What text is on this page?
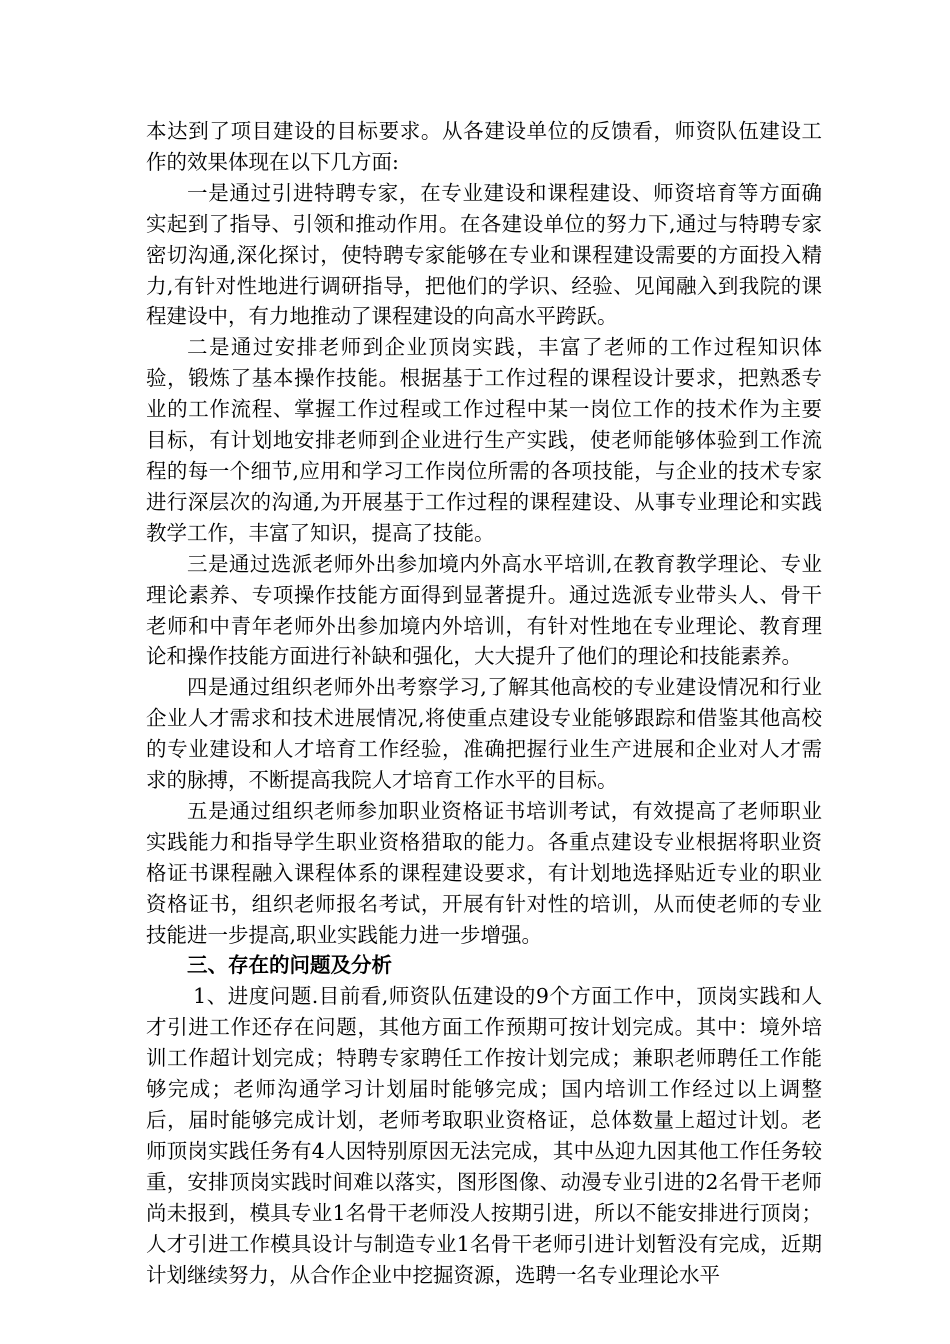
本达到了项目建设的目标要求。从各建设单位的反馈看，师资队伍建设工作的效果体现在以下几方面:

一是通过引进特聘专家，在专业建设和课程建设、师资培育等方面确实起到了指导、引领和推动作用。在各建设单位的努力下,通过与特聘专家密切沟通,深化探讨，使特聘专家能够在专业和课程建设需要的方面投入精力,有针对性地进行调研指导，把他们的学识、经验、见闻融入到我院的课程建设中，有力地推动了课程建设的向高水平跨跃。

二是通过安排老师到企业顶岗实践，丰富了老师的工作过程知识体验，锻炼了基本操作技能。根据基于工作过程的课程设计要求，把熟悉专业的工作流程、掌握工作过程或工作过程中某一岗位工作的技术作为主要目标，有计划地安排老师到企业进行生产实践，使老师能够体验到工作流程的每一个细节,应用和学习工作岗位所需的各项技能，与企业的技术专家进行深层次的沟通,为开展基于工作过程的课程建设、从事专业理论和实践教学工作，丰富了知识，提高了技能。

三是通过选派老师外出参加境内外高水平培训,在教育教学理论、专业理论素养、专项操作技能方面得到显著提升。通过选派专业带头人、骨干老师和中青年老师外出参加境内外培训，有针对性地在专业理论、教育理论和操作技能方面进行补缺和强化，大大提升了他们的理论和技能素养。

四是通过组织老师外出考察学习,了解其他高校的专业建设情况和行业企业人才需求和技术进展情况,将使重点建设专业能够跟踪和借鉴其他高校的专业建设和人才培育工作经验，准确把握行业生产进展和企业对人才需求的脉搏，不断提高我院人才培育工作水平的目标。

五是通过组织老师参加职业资格证书培训考试，有效提高了老师职业实践能力和指导学生职业资格猎取的能力。各重点建设专业根据将职业资格证书课程融入课程体系的课程建设要求，有计划地选择贴近专业的职业资格证书，组织老师报名考试，开展有针对性的培训，从而使老师的专业技能进一步提高,职业实践能力进一步增强。

三、存在的问题及分析

1、进度问题.目前看,师资队伍建设的9个方面工作中，顶岗实践和人才引进工作还存在问题，其他方面工作预期可按计划完成。其中：境外培训工作超计划完成；特聘专家聘任工作按计划完成；兼职老师聘任工作能够完成；老师沟通学习计划届时能够完成；国内培训工作经过以上调整后，届时能够完成计划，老师考取职业资格证，总体数量上超过计划。老师顶岗实践任务有4人因特别原因无法完成，其中丛迎九因其他工作任务较重，安排顶岗实践时间难以落实，图形图像、动漫专业引进的2名骨干老师尚未报到，模具专业1名骨干老师没人按期引进，所以不能安排进行顶岗；人才引进工作模具设计与制造专业1名骨干老师引进计划暂没有完成，近期计划继续努力，从合作企业中挖掘资源，选聘一名专业理论水平
